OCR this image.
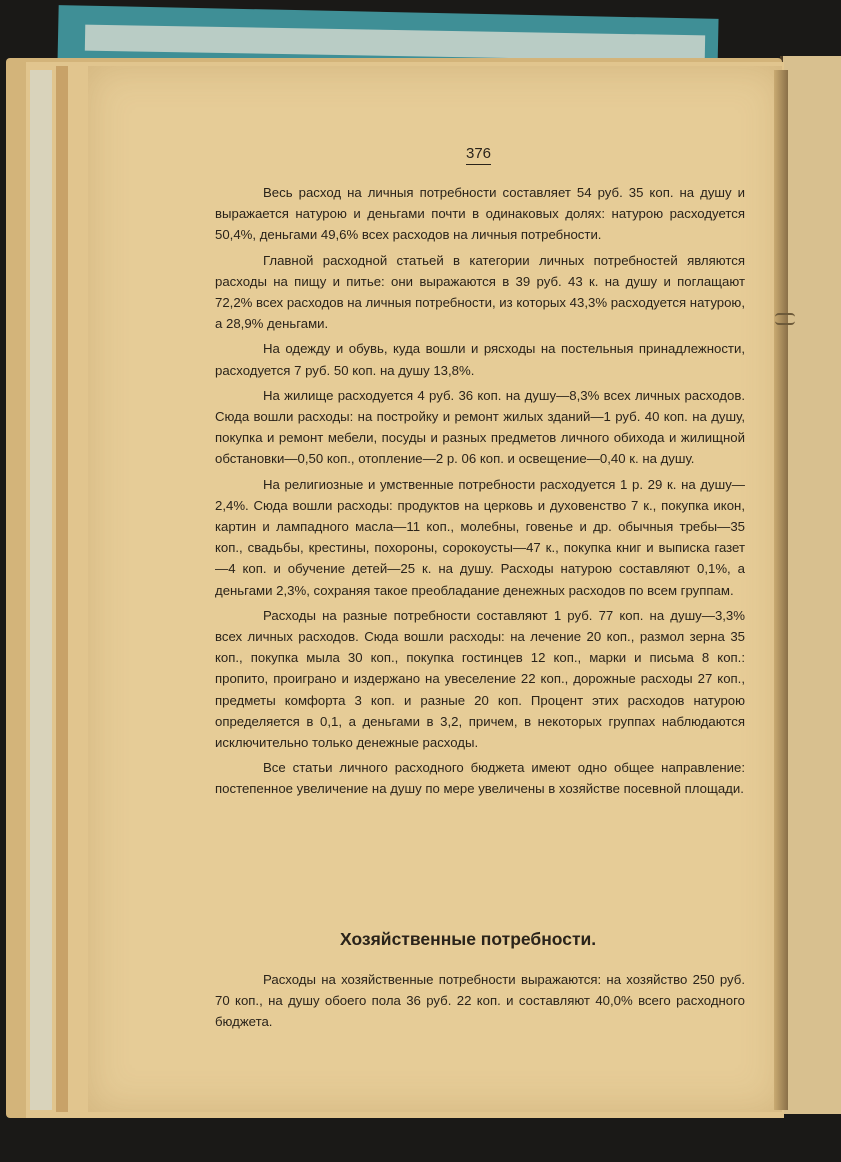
376

Весь расход на личныя потребности составляет 54 руб. 35 коп. на душу и выражается натурою и деньгами почти в одинаковых долях: натурою расходуется 50,4%, деньгами 49,6% всех расходов на личныя потребности.

Главной расходной статьей в категории личных потребностей являются расходы на пищу и питье: они выражаются в 39 руб. 43 к. на душу и поглащают 72,2% всех расходов на личныя потребности, из которых 43,3% расходуется натурою, а 28,9% деньгами.

На одежду и обувь, куда вошли и рясходы на постельныя принадлежности, расходуется 7 руб. 50 коп. на душу 13,8%.

На жилище расходуется 4 руб. 36 коп. на душу—8,3% всех личных расходов. Сюда вошли расходы: на постройку и ремонт жилых зданий—1 руб. 40 коп. на душу, покупка и ремонт мебели, посуды и разных предметов личного обихода и жилищной обстановки—0,50 коп., отопление—2 р. 06 коп. и освещение—0,40 к. на душу.

На религиозные и умственные потребности расходуется 1 р. 29 к. на душу—2,4%. Сюда вошли расходы: продуктов на церковь и духовенство 7 к., покупка икон, картин и лампадного масла—11 коп., молебны, говенье и др. обычныя требы—35 коп., свадьбы, крестины, похороны, сорокоусты—47 к., покупка книг и выписка газет—4 коп. и обучение детей—25 к. на душу. Расходы натурою составляют 0,1%, а деньгами 2,3%, сохраняя такое преобладание денежных расходов по всем группам.

Расходы на разные потребности составляют 1 руб. 77 коп. на душу—3,3% всех личных расходов. Сюда вошли расходы: на лечение 20 коп., размол зерна 35 коп., покупка мыла 30 коп., покупка гостинцев 12 коп., марки и письма 8 коп.: пропито, проиграно и издержано на увеселение 22 коп., дорожные расходы 27 коп., предметы комфорта 3 коп. и разные 20 коп. Процент этих расходов натурою определяется в 0,1, а деньгами в 3,2, причем, в некоторых группах наблюдаются исключительно только денежные расходы.

Все статьи личного расходного бюджета имеют одно общее направление: постепенное увеличение на душу по мере увеличены в хозяйстве посевной площади.

Хозяйственные потребности.

Расходы на хозяйственные потребности выражаются: на хозяйство 250 руб. 70 коп., на душу обоего пола 36 руб. 22 коп. и составляют 40,0% всего расходного бюджета.
